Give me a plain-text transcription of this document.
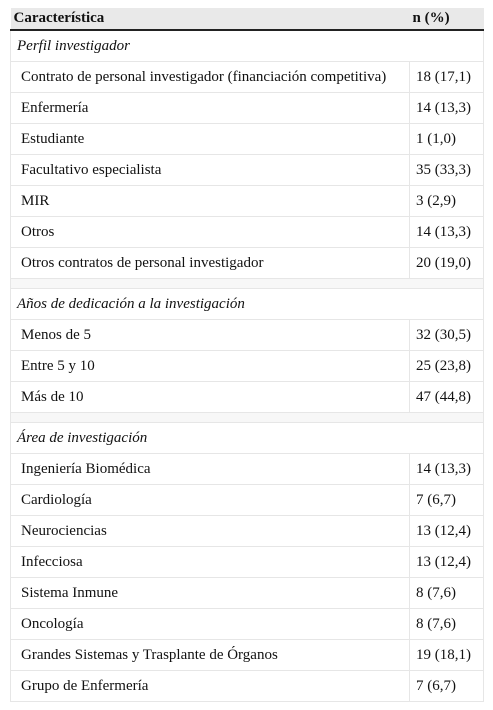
Característica	n (%)
Perfil investigador	
Contrato de personal investigador (financiación competitiva)	18 (17,1)
Enfermería	14 (13,3)
Estudiante	1 (1,0)
Facultativo especialista	35 (33,3)
MIR	3 (2,9)
Otros	14 (13,3)
Otros contratos de personal investigador	20 (19,0)

Años de dedicación a la investigación	
Menos de 5	32 (30,5)
Entre 5 y 10	25 (23,8)
Más de 10	47 (44,8)

Área de investigación	
Ingeniería Biomédica	14 (13,3)
Cardiología	7 (6,7)
Neurociencias	13 (12,4)
Infecciosa	13 (12,4)
Sistema Inmune	8 (7,6)
Oncología	8 (7,6)
Grandes Sistemas y Trasplante de Órganos	19 (18,1)
Grupo de Enfermería	7 (6,7)
